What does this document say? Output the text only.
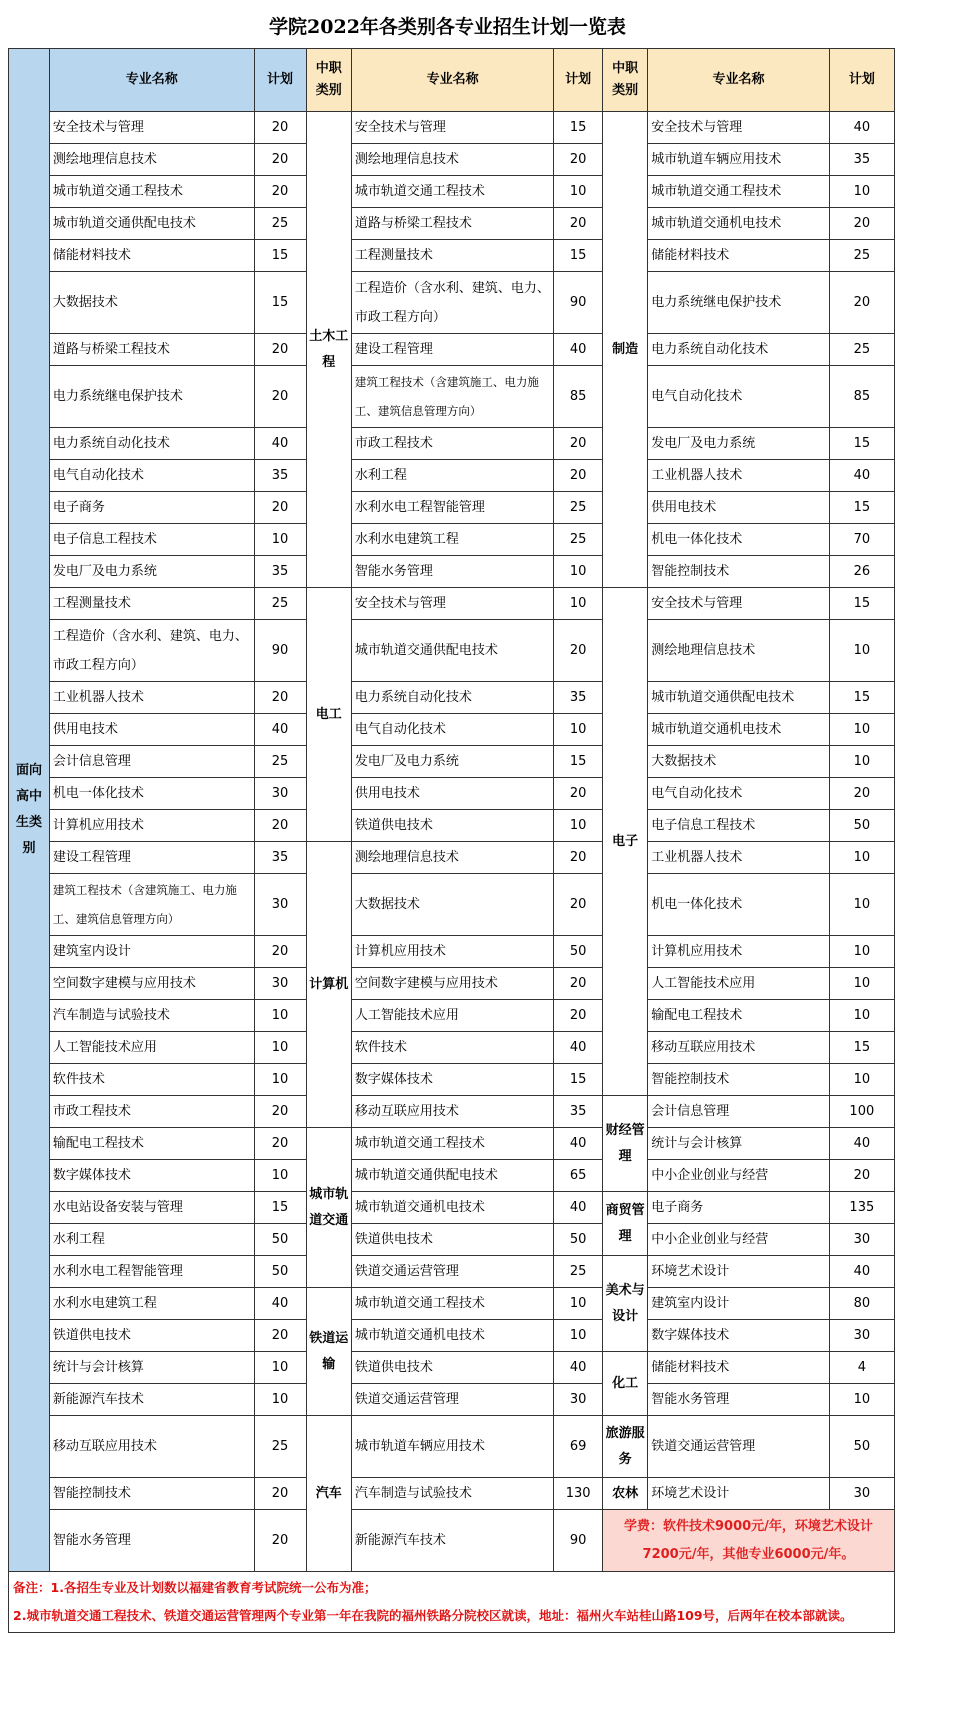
学院2022年各类别各专业招生计划一览表
面向高中生类别	专业名称	计划	中职类别	专业名称	计划	中职类别	专业名称	计划
	安全技术与管理	20	土木工程	安全技术与管理	15	制造	安全技术与管理	40
	测绘地理信息技术	20		测绘地理信息技术	20		城市轨道车辆应用技术	35
	城市轨道交通工程技术	20		城市轨道交通工程技术	10		城市轨道交通工程技术	10
	城市轨道交通供配电技术	25		道路与桥梁工程技术	20		城市轨道交通机电技术	20
	储能材料技术	15		工程测量技术	15		储能材料技术	25
	大数据技术	15		工程造价（含水利、建筑、电力、市政工程方向）	90		电力系统继电保护技术	20
	道路与桥梁工程技术	20		建设工程管理	40		电力系统自动化技术	25
	电力系统继电保护技术	20		建筑工程技术（含建筑施工、电力施工、建筑信息管理方向）	85		电气自动化技术	85
	电力系统自动化技术	40		市政工程技术	20		发电厂及电力系统	15
	电气自动化技术	35		水利工程	20		工业机器人技术	40
	电子商务	20		水利水电工程智能管理	25		供用电技术	15
	电子信息工程技术	10		水利水电建筑工程	25		机电一体化技术	70
	发电厂及电力系统	35		智能水务管理	10		智能控制技术	26
	工程测量技术	25	电工	安全技术与管理	10	电子	安全技术与管理	15
	工程造价（含水利、建筑、电力、市政工程方向）	90		城市轨道交通供配电技术	20		测绘地理信息技术	10
	工业机器人技术	20		电力系统自动化技术	35		城市轨道交通供配电技术	15
	供用电技术	40		电气自动化技术	10		城市轨道交通机电技术	10
	会计信息管理	25		发电厂及电力系统	15		大数据技术	10
	机电一体化技术	30		供用电技术	20		电气自动化技术	20
	计算机应用技术	20		铁道供电技术	10		电子信息工程技术	50
	建设工程管理	35	计算机	测绘地理信息技术	20		工业机器人技术	10
	建筑工程技术（含建筑施工、电力施工、建筑信息管理方向）	30		大数据技术	20		机电一体化技术	10
	建筑室内设计	20		计算机应用技术	50		计算机应用技术	10
	空间数字建模与应用技术	30		空间数字建模与应用技术	20		人工智能技术应用	10
	汽车制造与试验技术	10		人工智能技术应用	20		输配电工程技术	10
	人工智能技术应用	10		软件技术	40		移动互联应用技术	15
	软件技术	10		数字媒体技术	15		智能控制技术	10
	市政工程技术	20		移动互联应用技术	35	财经管理	会计信息管理	100
	输配电工程技术	20	城市轨道交通	城市轨道交通工程技术	40		统计与会计核算	40
	数字媒体技术	10		城市轨道交通供配电技术	65		中小企业创业与经营	20
	水电站设备安装与管理	15		城市轨道交通机电技术	40	商贸管理	电子商务	135
	水利工程	50		铁道供电技术	50		中小企业创业与经营	30
	水利水电工程智能管理	50		铁道交通运营管理	25	美术与设计	环境艺术设计	40
	水利水电建筑工程	40	铁道运输	城市轨道交通工程技术	10		建筑室内设计	80
	铁道供电技术	20		城市轨道交通机电技术	10		数字媒体技术	30
	统计与会计核算	10		铁道供电技术	40	化工	储能材料技术	4
	新能源汽车技术	10		铁道交通运营管理	30		智能水务管理	10
	移动互联应用技术	25	汽车	城市轨道车辆应用技术	69	旅游服务	铁道交通运营管理	50
	智能控制技术	20		汽车制造与试验技术	130	农林	环境艺术设计	30
	智能水务管理	20		新能源汽车技术	90	学费：软件技术9000元/年，环境艺术设计7200元/年，其他专业6000元/年。		

备注：1.各招生专业及计划数以福建省教育考试院统一公布为准；
2.城市轨道交通工程技术、铁道交通运营管理两个专业第一年在我院的福州铁路分院校区就读，地址：福州火车站桂山路109号，后两年在校本部就读。								
